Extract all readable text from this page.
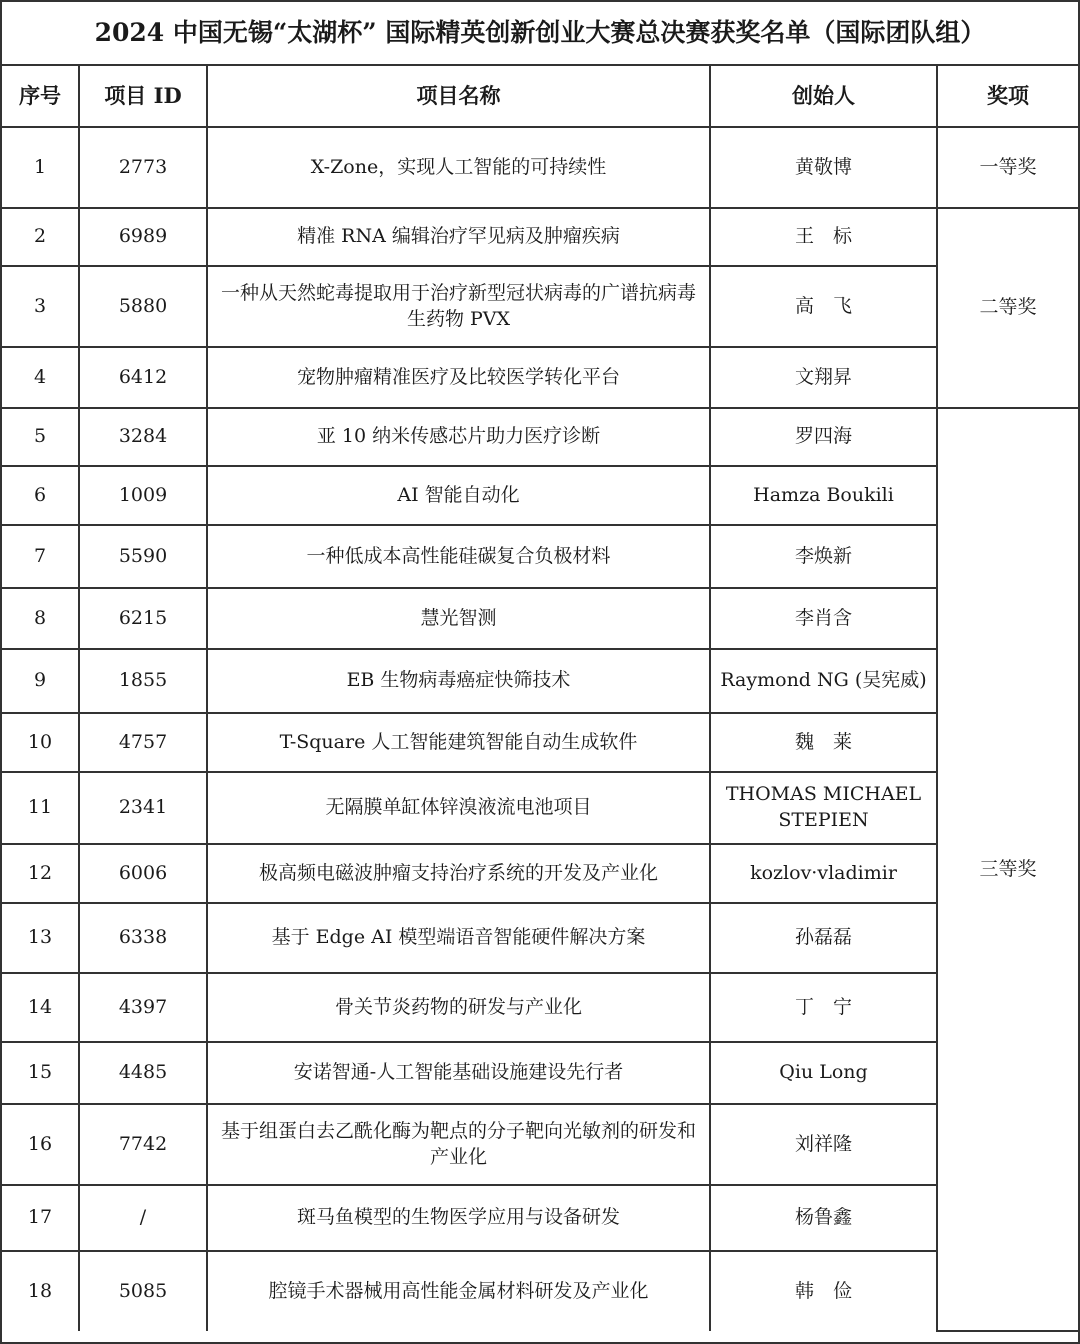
2024 中国无锡“太湖杯” 国际精英创新创业大赛总决赛获奖名单（国际团队组）
序号	项目 ID	项目名称	创始人	奖项
1	2773	X-Zone，实现人工智能的可持续性	黄敬博	一等奖
2	6989	精准 RNA 编辑治疗罕见病及肿瘤疾病	王　标	二等奖
3	5880	一种从天然蛇毒提取用于治疗新型冠状病毒的广谱抗病毒生药物 PVX	高　飞	
4	6412	宠物肿瘤精准医疗及比较医学转化平台	文翔昇	
5	3284	亚 10 纳米传感芯片助力医疗诊断	罗四海	三等奖
6	1009	AI 智能自动化	Hamza Boukili	
7	5590	一种低成本高性能硅碳复合负极材料	李焕新	
8	6215	慧光智测	李肖含	
9	1855	EB 生物病毒癌症快筛技术	Raymond NG (吴宪威)	
10	4757	T-Square 人工智能建筑智能自动生成软件	魏　莱	
11	2341	无隔膜单缸体锌溴液流电池项目	THOMAS MICHAEL STEPIEN	
12	6006	极高频电磁波肿瘤支持治疗系统的开发及产业化	kozlov·vladimir	
13	6338	基于 Edge AI 模型端语音智能硬件解决方案	孙磊磊	
14	4397	骨关节炎药物的研发与产业化	丁　宁	
15	4485	安诺智通-人工智能基础设施建设先行者	Qiu Long	
16	7742	基于组蛋白去乙酰化酶为靶点的分子靶向光敏剂的研发和产业化	刘祥隆	
17	/	斑马鱼模型的生物医学应用与设备研发	杨鲁鑫	
18	5085	腔镜手术器械用高性能金属材料研发及产业化	韩　俭	
